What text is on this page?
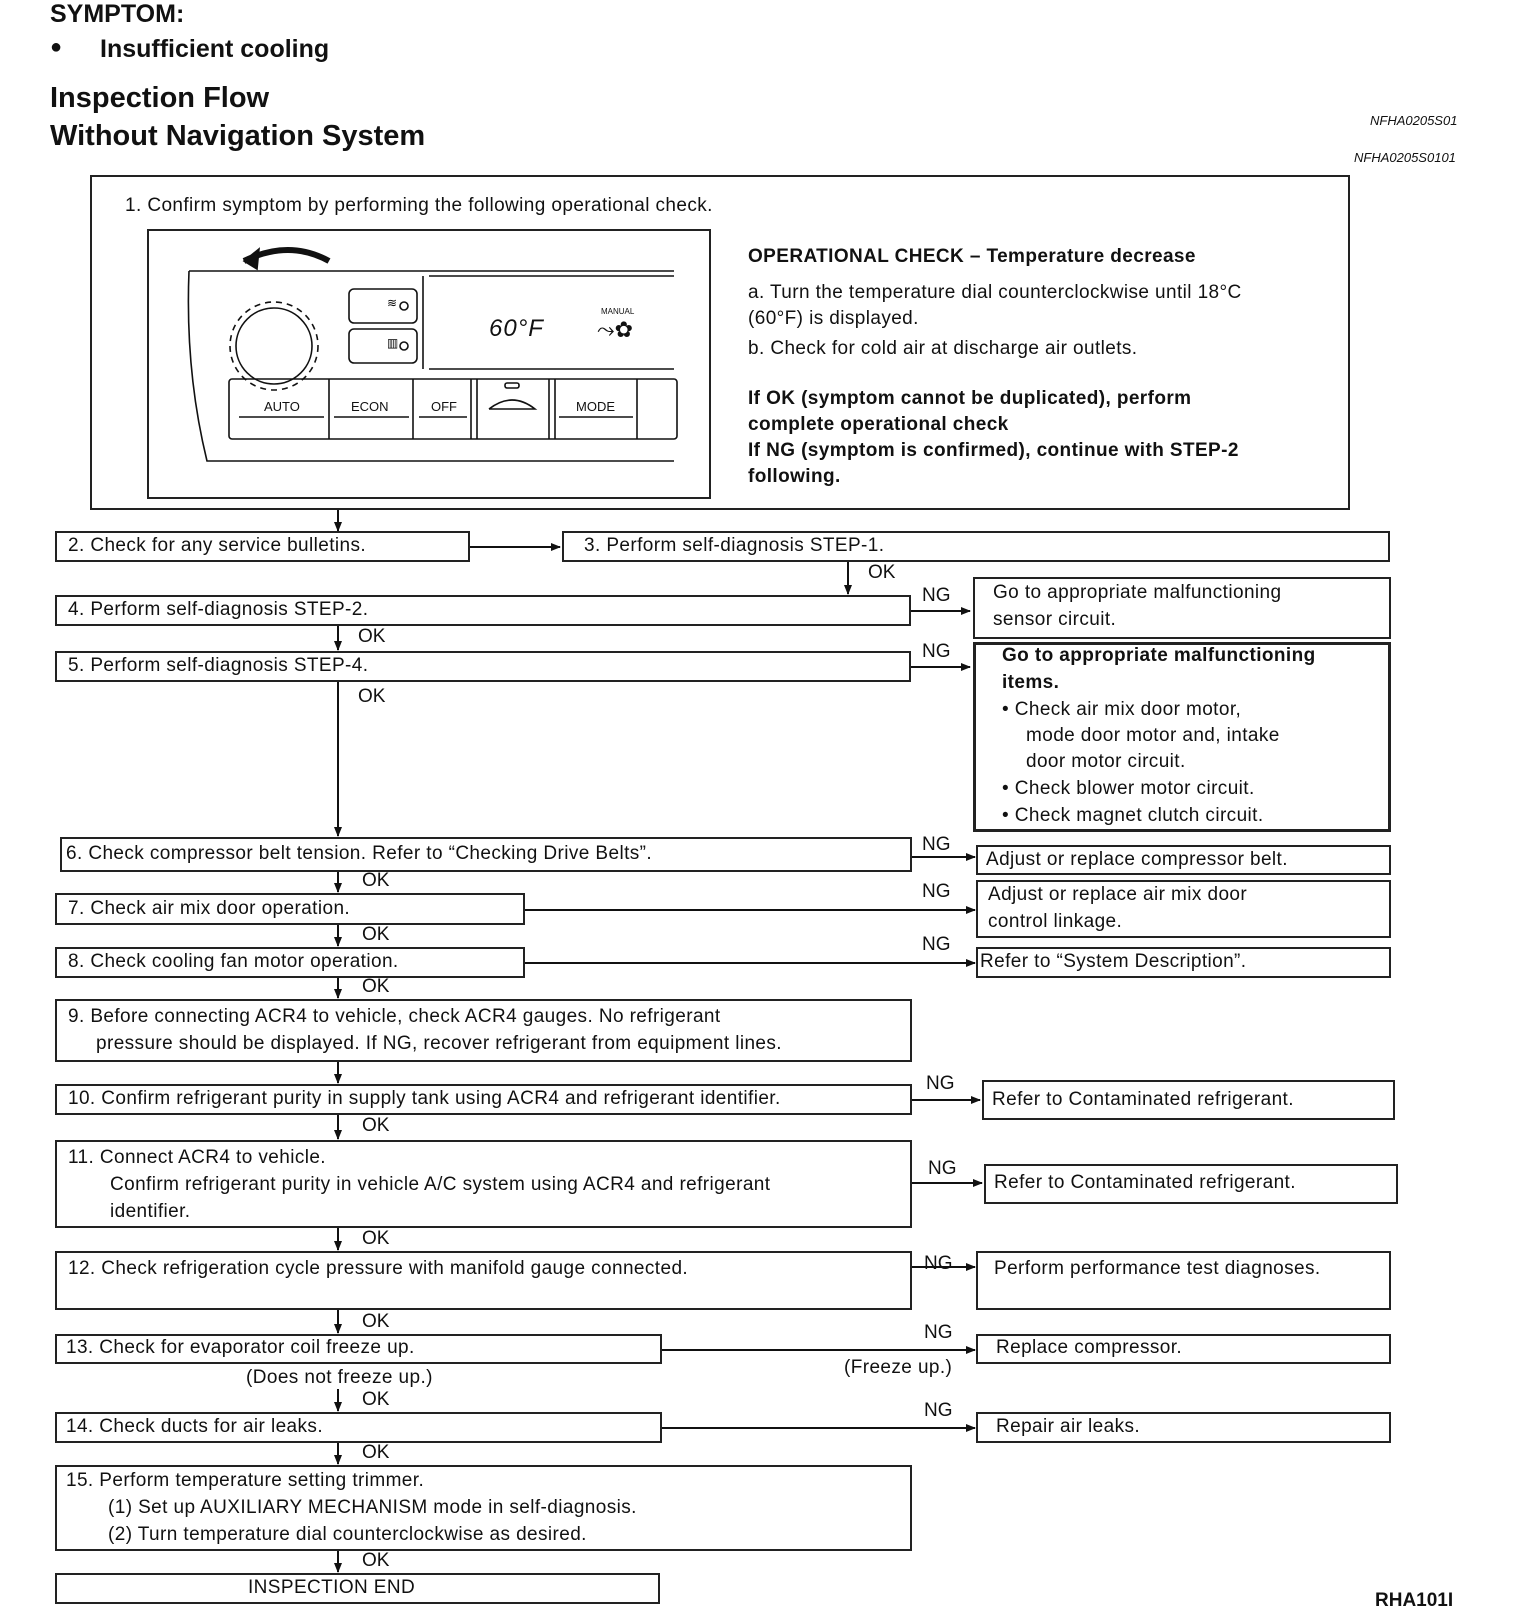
SYMPTOM:
● Insufficient cooling
Inspection Flow
Without Navigation System	NFHA0205S01
NFHA0205S0101
1. Confirm symptom by performing the following operational check.
≋
▥
60°F
MANUAL
⤳✿
AUTO	ECON	OFF	MODE
OPERATIONAL CHECK – Temperature decrease
a. Turn the temperature dial counterclockwise until 18°C
(60°F) is displayed.
b. Check for cold air at discharge air outlets.
If OK (symptom cannot be duplicated), perform
complete operational check
If NG (symptom is confirmed), continue with STEP-2
following.
2. Check for any service bulletins.	3. Perform self-diagnosis STEP-1.
OK
4. Perform self-diagnosis STEP-2.
NG Go to appropriate malfunctioning
sensor circuit.
OK
5. Perform self-diagnosis STEP-4.
NG
OK
Go to appropriate malfunctioning
items.
• Check air mix door motor,
mode door motor and, intake
door motor circuit.
• Check blower motor circuit.
• Check magnet clutch circuit.
6. Check compressor belt tension. Refer to “Checking Drive Belts”.	NG
Adjust or replace compressor belt.
OK
7. Check air mix door operation.
NG Adjust or replace air mix door
control linkage.
OK
8. Check cooling fan motor operation.
NG
Refer to “System Description”.
OK
9. Before connecting ACR4 to vehicle, check ACR4 gauges. No refrigerant
pressure should be displayed. If NG, recover refrigerant from equipment lines.
10. Confirm refrigerant purity in supply tank using ACR4 and refrigerant identifier.
NG
Refer to Contaminated refrigerant.
OK
11. Connect ACR4 to vehicle.
Confirm refrigerant purity in vehicle A/C system using ACR4 and refrigerant
identifier.
NG
Refer to Contaminated refrigerant.
OK
12. Check refrigeration cycle pressure with manifold gauge connected.	NG Perform performance test diagnoses.
OK
13. Check for evaporator coil freeze up.
(Does not freeze up.)	(Freeze up.)
NG
Replace compressor.
OK
14. Check ducts for air leaks.
NG
Repair air leaks.
OK
15. Perform temperature setting trimmer.
(1) Set up AUXILIARY MECHANISM mode in self-diagnosis.
(2) Turn temperature dial counterclockwise as desired.
OK
INSPECTION END
RHA101I
